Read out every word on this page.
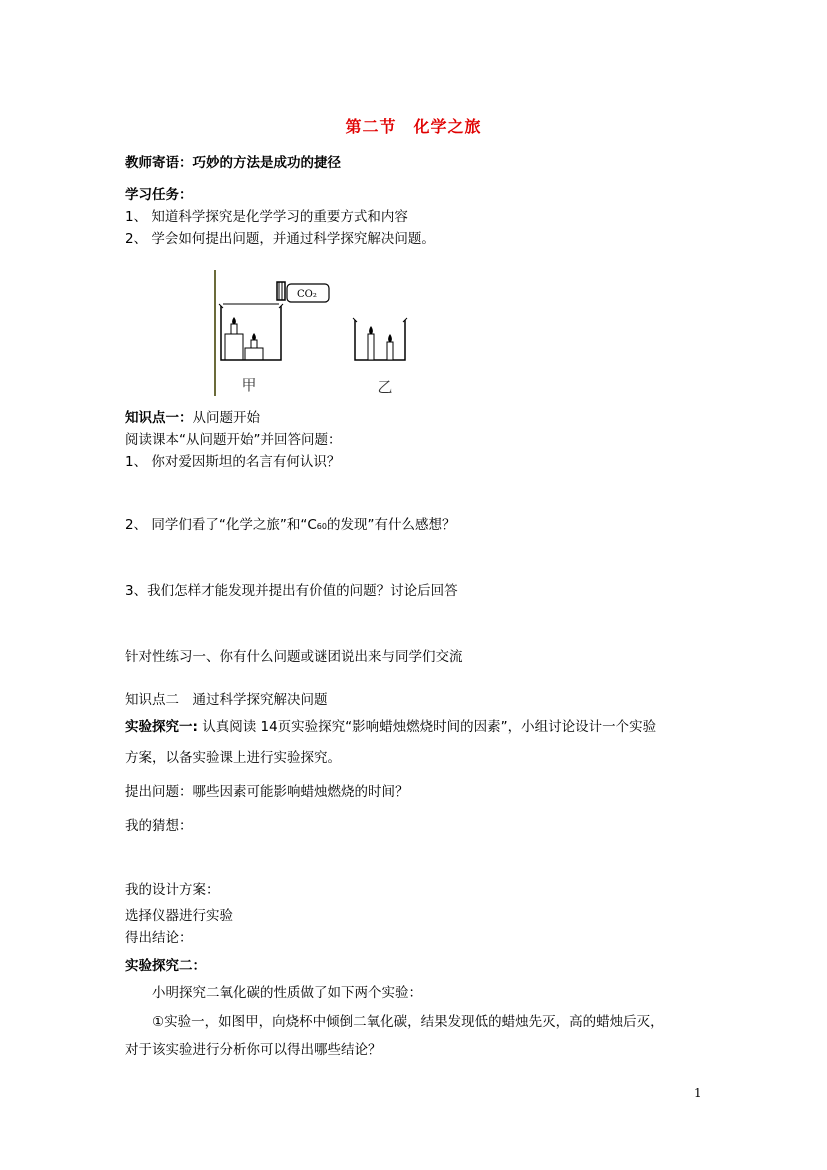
第二节　化学之旅
教师寄语：巧妙的方法是成功的捷径
学习任务：
1、 知道科学探究是化学学习的重要方式和内容
2、 学会如何提出问题，并通过科学探究解决问题。
CO₂
甲	乙
知识点一：从问题开始
阅读课本“从问题开始”并回答问题：
1、 你对爱因斯坦的名言有何认识？
2、 同学们看了“化学之旅”和“C60的发现”有什么感想？
3、我们怎样才能发现并提出有价值的问题？讨论后回答
针对性练习一、你有什么问题或谜团说出来与同学们交流
知识点二　通过科学探究解决问题
实验探究一: 认真阅读 14页实验探究“影响蜡烛燃烧时间的因素”，小组讨论设计一个实验
方案，以备实验课上进行实验探究。
提出问题：哪些因素可能影响蜡烛燃烧的时间？
我的猜想：
我的设计方案：
选择仪器进行实验
得出结论：
实验探究二：
小明探究二氧化碳的性质做了如下两个实验：
①实验一，如图甲，向烧杯中倾倒二氧化碳，结果发现低的蜡烛先灭，高的蜡烛后灭，
对于该实验进行分析你可以得出哪些结论？
1
